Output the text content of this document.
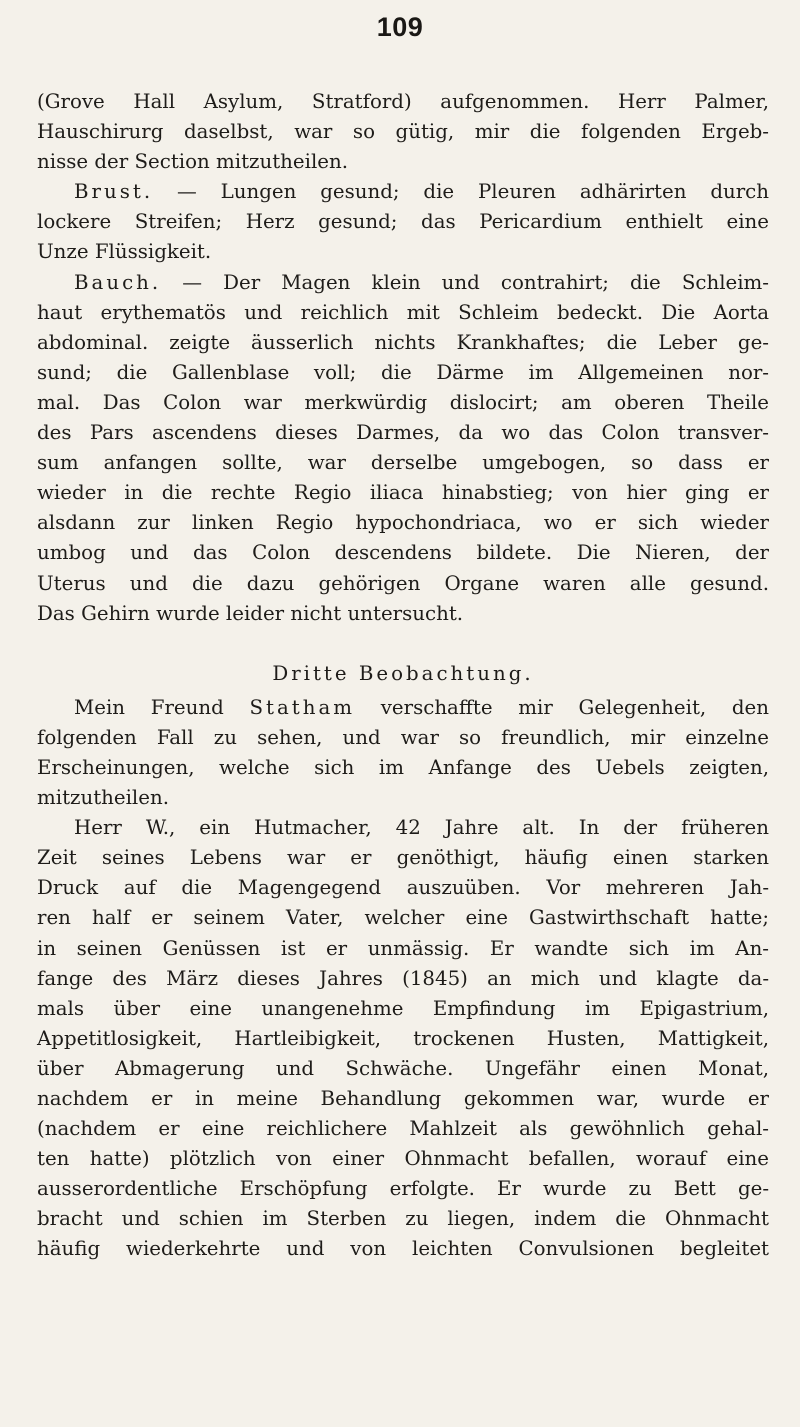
109
(Grove Hall Asylum, Stratford) aufgenommen. Herr Palmer,
Hauschirurg daselbst, war so gütig, mir die folgenden Ergeb-
nisse der Section mitzutheilen.
Brust. — Lungen gesund; die Pleuren adhärirten durch
lockere Streifen; Herz gesund; das Pericardium enthielt eine
Unze Flüssigkeit.
Bauch. — Der Magen klein und contrahirt; die Schleim-
haut erythematös und reichlich mit Schleim bedeckt. Die Aorta
abdominal. zeigte äusserlich nichts Krankhaftes; die Leber ge-
sund; die Gallenblase voll; die Därme im Allgemeinen nor-
mal. Das Colon war merkwürdig dislocirt; am oberen Theile
des Pars ascendens dieses Darmes, da wo das Colon transver-
sum anfangen sollte, war derselbe umgebogen, so dass er
wieder in die rechte Regio iliaca hinabstieg; von hier ging er
alsdann zur linken Regio hypochondriaca, wo er sich wieder
umbog und das Colon descendens bildete. Die Nieren, der
Uterus und die dazu gehörigen Organe waren alle gesund.
Das Gehirn wurde leider nicht untersucht.
Dritte Beobachtung.
Mein Freund Statham verschaffte mir Gelegenheit, den
folgenden Fall zu sehen, und war so freundlich, mir einzelne
Erscheinungen, welche sich im Anfange des Uebels zeigten,
mitzutheilen.
Herr W., ein Hutmacher, 42 Jahre alt. In der früheren
Zeit seines Lebens war er genöthigt, häufig einen starken
Druck auf die Magengegend auszuüben. Vor mehreren Jah-
ren half er seinem Vater, welcher eine Gastwirthschaft hatte;
in seinen Genüssen ist er unmässig. Er wandte sich im An-
fange des März dieses Jahres (1845) an mich und klagte da-
mals über eine unangenehme Empfindung im Epigastrium,
Appetitlosigkeit, Hartleibigkeit, trockenen Husten, Mattigkeit,
über Abmagerung und Schwäche. Ungefähr einen Monat,
nachdem er in meine Behandlung gekommen war, wurde er
(nachdem er eine reichlichere Mahlzeit als gewöhnlich gehal-
ten hatte) plötzlich von einer Ohnmacht befallen, worauf eine
ausserordentliche Erschöpfung erfolgte. Er wurde zu Bett ge-
bracht und schien im Sterben zu liegen, indem die Ohnmacht
häufig wiederkehrte und von leichten Convulsionen begleitet
